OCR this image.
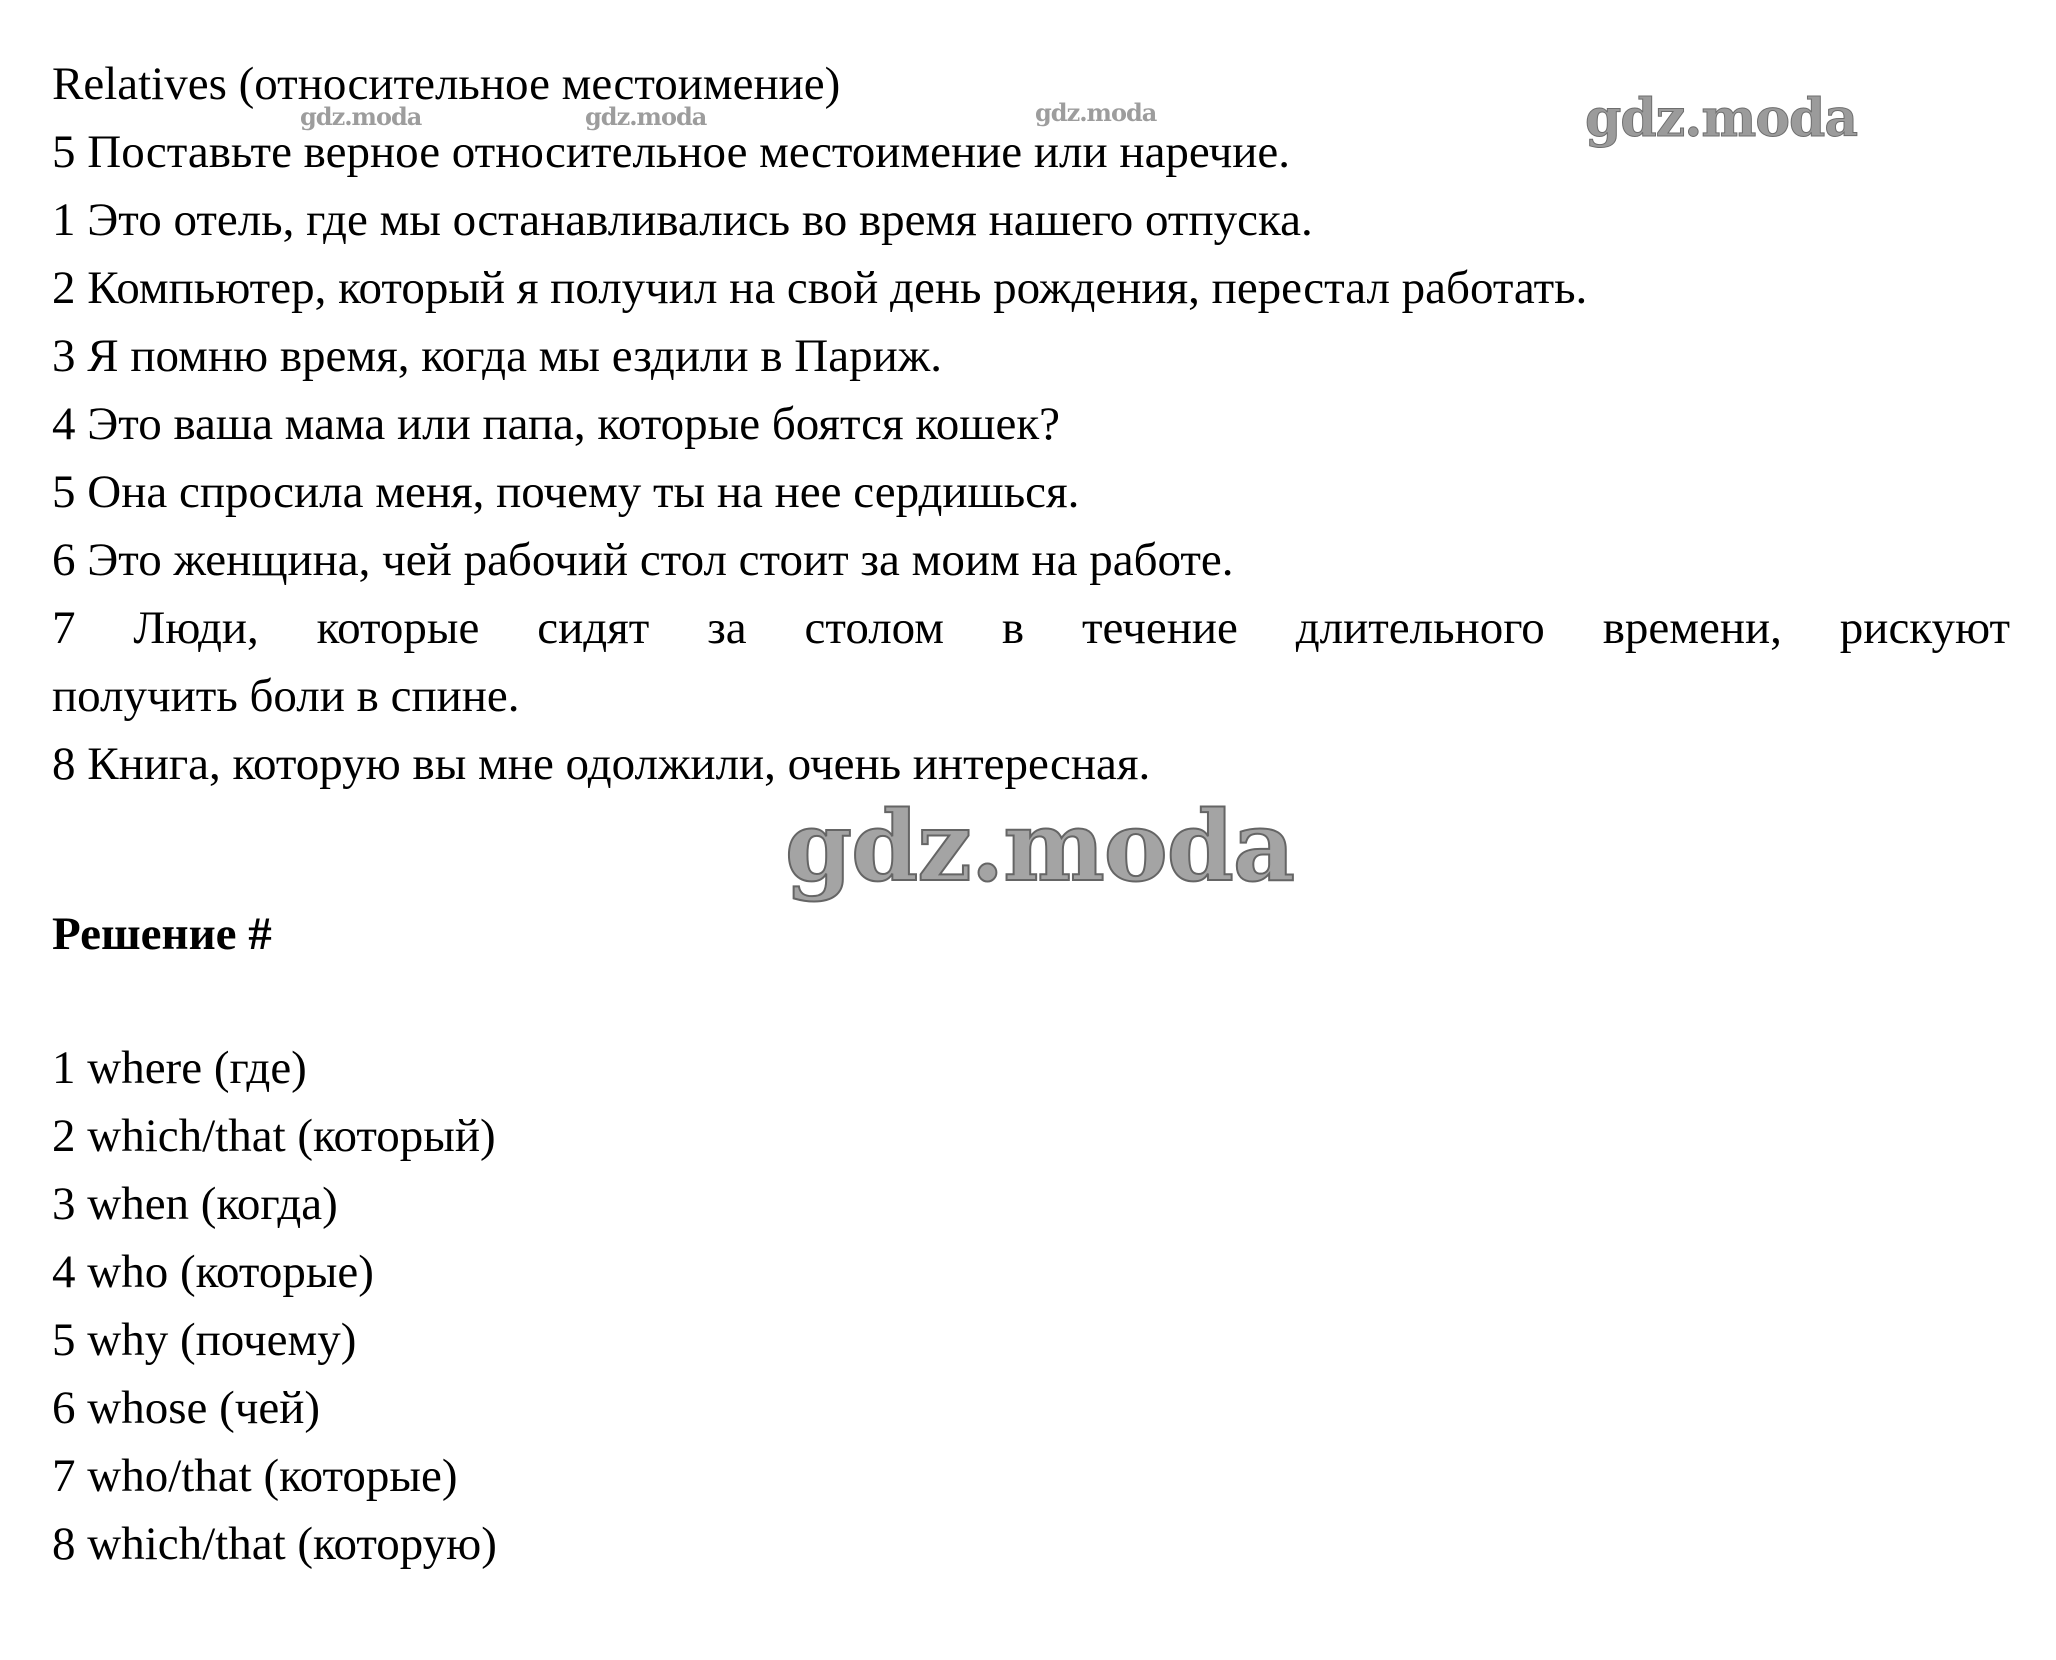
Relatives (относительное местоимение)

5 Поставьте верное относительное местоимение или наречие.

1 Это отель, где мы останавливались во время нашего отпуска.

2 Компьютер, который я получил на свой день рождения, перестал работать.

3 Я помню время, когда мы ездили в Париж.

4 Это ваша мама или папа, которые боятся кошек?

5 Она спросила меня, почему ты на нее сердишься.

6 Это женщина, чей рабочий стол стоит за моим на работе.

7 Люди, которые сидят за столом в течение длительного времени, рискуют
получить боли в спине.

8 Книга, которую вы мне одолжили, очень интересная.

Решение #

1 where (где)

2 which/that (который)

3 when (когда)

4 who (которые)

5 why (почему)

6 whose (чей)

7 who/that (которые)

8 which/that (которую)

gdz.moda	gdz.moda	gdz.moda	gdz.moda
gdz.moda
